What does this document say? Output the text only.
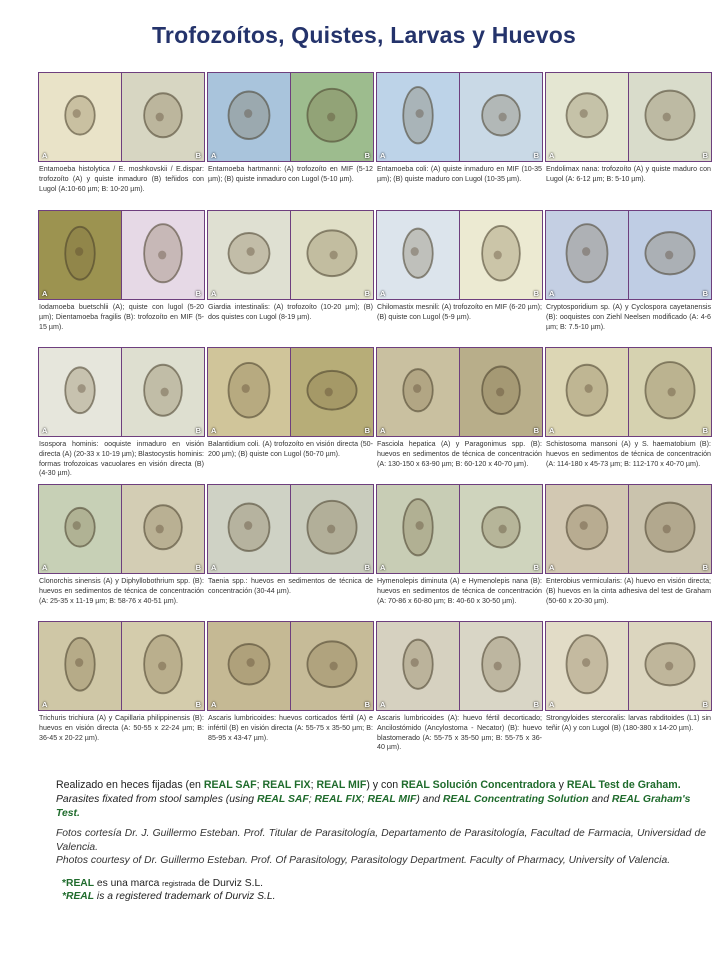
Trofozoítos, Quistes, Larvas y Huevos
A	B
Entamoeba histolytica / E. moshkovskii / E.dispar: trofozoíto (A) y quiste inmaduro (B) teñidos con Lugol (A:10-60 µm; B: 10-20 µm).
A	B
Entamoeba hartmanni: (A) trofozoíto en MIF (5-12 µm); (B) quiste inmaduro con Lugol (5-10 µm).
A	B
Entamoeba coli: (A) quiste inmaduro en MIF (10-35 µm); (B) quiste maduro con Lugol (10-35 µm).
A	B
Endolimax nana: trofozoíto (A) y quiste maduro con Lugol (A: 6-12 µm; B: 5-10 µm).
A	B
Iodamoeba buetschlii (A); quiste con lugol (5-20 µm); Dientamoeba fragilis (B): trofozoíto en MIF (5-15 µm).
A	B
Giardia intestinalis: (A) trofozoíto (10-20 µm); (B) dos quistes con Lugol (8-19 µm).
A	B
Chilomastix mesnili: (A) trofozoíto en MIF (6-20 µm); (B) quiste con Lugol (5-9 µm).
A	B
Cryptosporidium sp. (A) y Cyclospora cayetanensis (B): ooquistes con Ziehl Neelsen modificado (A: 4-6 µm; B: 7.5-10 µm).
A	B
Isospora hominis: ooquiste inmaduro en visión directa (A) (20-33 x 10-19 µm); Blastocystis hominis: formas trofozoicas vacuolares en visión directa (B) (4-30 µm).
A	B
Balantidium coli. (A) trofozoíto en visión directa (50-200 µm); (B) quiste con Lugol (50-70 µm).
A	B
Fasciola hepatica (A) y Paragonimus spp. (B): huevos en sedimentos de técnica de concentración (A: 130-150 x 63-90 µm; B: 60-120 x 40-70 µm).
A	B
Schistosoma mansoni (A) y S. haematobium (B): huevos en sedimentos de técnica de concentración (A: 114-180 x 45-73 µm; B: 112-170 x 40-70 µm).
A	B
Clonorchis sinensis (A) y Diphyllobothrium spp. (B): huevos en sedimentos de técnica de concentración (A: 25-35 x 11-19 µm; B: 58-76 x 40-51 µm).
A	B
Taenia spp.: huevos en sedimentos de técnica de concentración (30-44 µm).
A	B
Hymenolepis diminuta (A) e Hymenolepis nana (B): huevos en sedimentos de técnica de concentración (A: 70-86 x 60-80 µm; B: 40-60 x 30-50 µm).
A	B
Enterobius vermicularis: (A) huevo en visión directa; (B) huevos en la cinta adhesiva del test de Graham (50-60 x 20-30 µm).
A	B
Trichuris trichiura (A) y Capillaria philippinensis (B): huevos en visión directa (A: 50-55 x 22-24 µm; B: 36-45 x 20-22 µm).
A	B
Ascaris lumbricoides: huevos corticados fértil (A) e infértil (B) en visión directa (A: 55-75 x 35-50 µm; B: 85-95 x 43-47 µm).
A	B
Ascaris lumbricoides (A): huevo fértil decorticado; Ancilostómido (Ancylostoma - Necator) (B): huevo blastomerado (A: 55-75 x 35-50 µm; B: 55-75 x 36-40 µm).
A	B
Strongyloides stercoralis: larvas rabditoides (L1) sin teñir (A) y con Lugol (B) (180-380 x 14-20 µm).
Realizado en heces fijadas (en REAL SAF; REAL FIX; REAL MIF) y con REAL Solución Concentradora y REAL Test de Graham.
Parasites fixated from stool samples (using REAL SAF; REAL FIX; REAL MIF) and REAL Concentrating Solution and REAL Graham's Test.
Fotos cortesía Dr. J. Guillermo Esteban. Prof. Titular de Parasitología, Departamento de Parasitología, Facultad de Farmacia, Universidad de Valencia.
Photos courtesy of Dr. Guillermo Esteban. Prof. Of Parasitology, Parasitology Department. Faculty of Pharmacy, University of Valencia.
*REAL es una marca registrada de Durviz S.L.
*REAL is a registered trademark of Durviz S.L.
